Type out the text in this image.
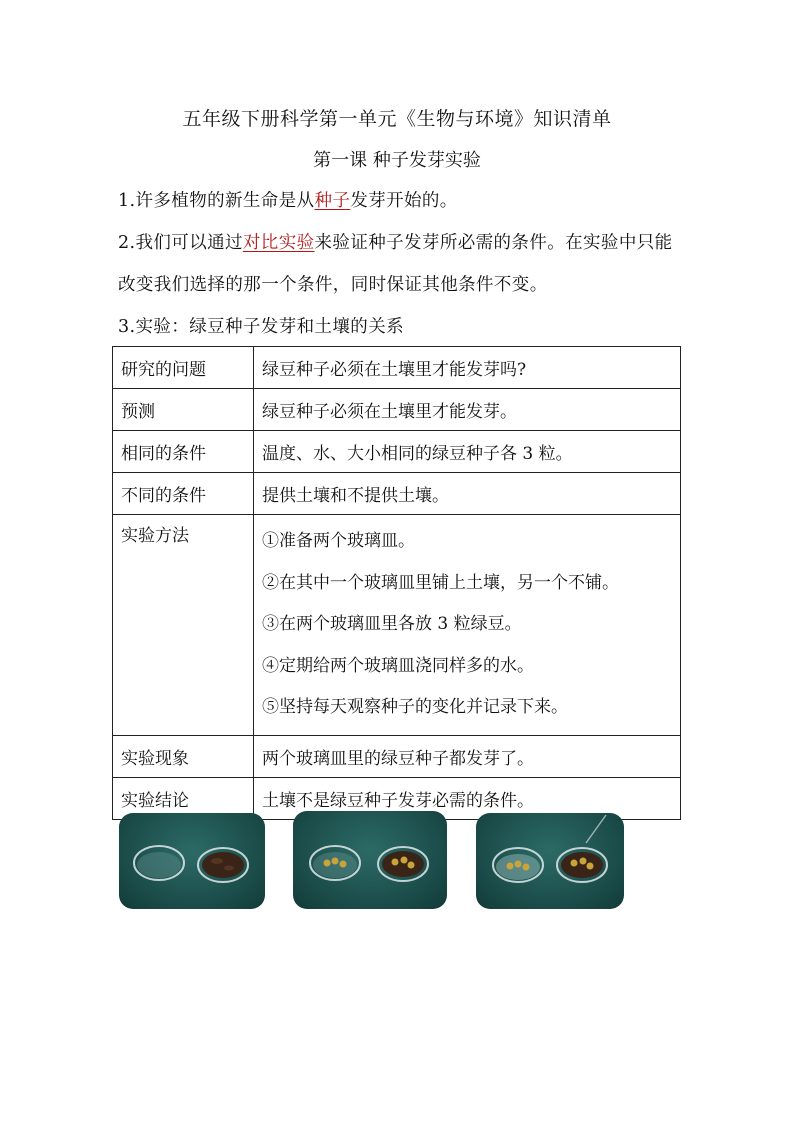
五年级下册科学第一单元《生物与环境》知识清单
第一课 种子发芽实验
1.许多植物的新生命是从种子发芽开始的。
2.我们可以通过对比实验来验证种子发芽所必需的条件。在实验中只能改变我们选择的那一个条件，同时保证其他条件不变。
3.实验：绿豆种子发芽和土壤的关系
研究的问题	绿豆种子必须在土壤里才能发芽吗?
预测	绿豆种子必须在土壤里才能发芽。
相同的条件	温度、水、大小相同的绿豆种子各 3 粒。
不同的条件	提供土壤和不提供土壤。
实验方法	①准备两个玻璃皿。
②在其中一个玻璃皿里铺上土壤，另一个不铺。
③在两个玻璃皿里各放 3 粒绿豆。
④定期给两个玻璃皿浇同样多的水。
⑤坚持每天观察种子的变化并记录下来。

实验现象	两个玻璃皿里的绿豆种子都发芽了。
实验结论	土壤不是绿豆种子发芽必需的条件。
